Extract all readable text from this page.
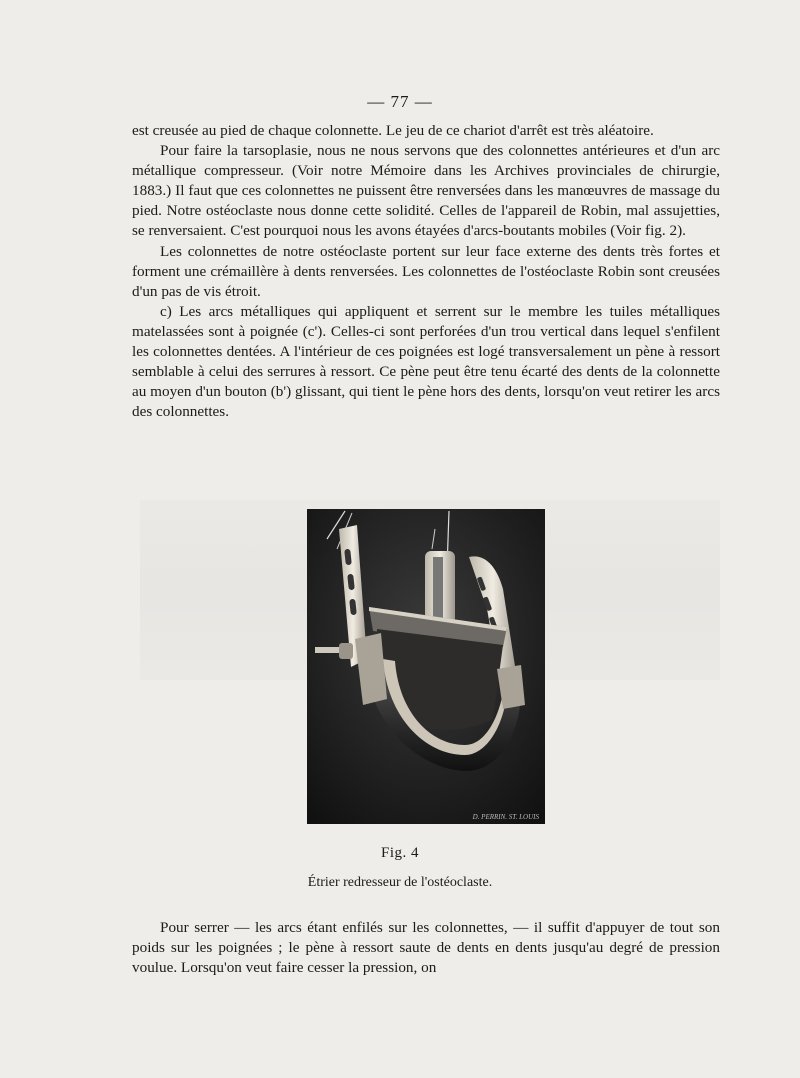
— 77 —

est creusée au pied de chaque colonnette. Le jeu de ce chariot d'arrêt est très aléatoire.

Pour faire la tarsoplasie, nous ne nous servons que des colonnettes antérieures et d'un arc métallique compresseur. (Voir notre Mémoire dans les Archives provinciales de chirurgie, 1883.) Il faut que ces colonnettes ne puissent être renversées dans les manœuvres de massage du pied. Notre ostéoclaste nous donne cette solidité. Celles de l'appareil de Robin, mal assujetties, se renversaient. C'est pourquoi nous les avons étayées d'arcs-boutants mobiles (Voir fig. 2).

Les colonnettes de notre ostéoclaste portent sur leur face externe des dents très fortes et forment une crémaillère à dents renversées. Les colonnettes de l'ostéoclaste Robin sont creusées d'un pas de vis étroit.

c) Les arcs métalliques qui appliquent et serrent sur le membre les tuiles métalliques matelassées sont à poignée (c'). Celles-ci sont perforées d'un trou vertical dans lequel s'enfilent les colonnettes dentées. A l'intérieur de ces poignées est logé transversalement un pène à ressort semblable à celui des serrures à ressort. Ce pène peut être tenu écarté des dents de la colonnette au moyen d'un bouton (b') glissant, qui tient le pène hors des dents, lorsqu'on veut retirer les arcs des colonnettes.

D. PERRIN. ST. LOUIS
Fig. 4
Étrier redresseur de l'ostéoclaste.

Pour serrer — les arcs étant enfilés sur les colonnettes, — il suffit d'appuyer de tout son poids sur les poignées ; le pène à ressort saute de dents en dents jusqu'au degré de pression voulue. Lorsqu'on veut faire cesser la pression, on
